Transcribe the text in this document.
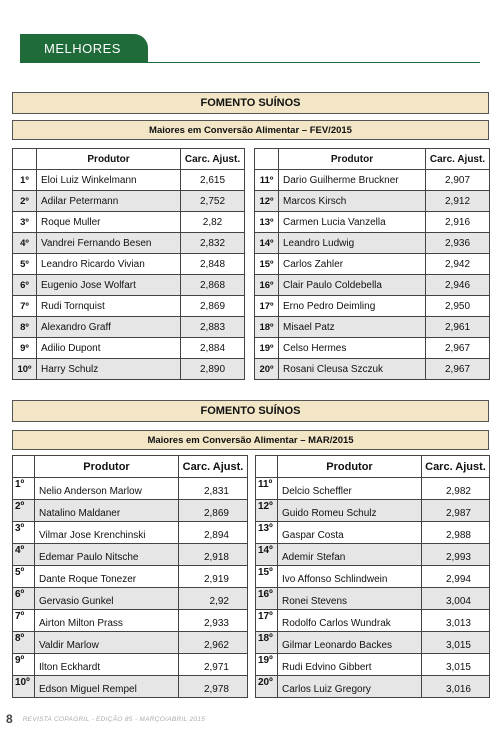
MELHORES
FOMENTO SUÍNOS
Maiores em Conversão Alimentar – FEV/2015
	Produtor	Carc. Ajust.
1º	Eloi Luiz Winkelmann	2,615
2º	Adilar Petermann	2,752
3º	Roque Muller	2,82
4º	Vandrei Fernando Besen	2,832
5º	Leandro Ricardo Vivian	2,848
6º	Eugenio Jose Wolfart	2,868
7º	Rudi Tornquist	2,869
8º	Alexandro Graff	2,883
9º	Adilio Dupont	2,884
10º	Harry Schulz	2,890
	Produtor	Carc. Ajust.
11º	Dario Guilherme Bruckner	2,907
12º	Marcos Kirsch	2,912
13º	Carmen Lucia Vanzella	2,916
14º	Leandro Ludwig	2,936
15º	Carlos Zahler	2,942
16º	Clair Paulo Coldebella	2,946
17º	Erno Pedro Deimling	2,950
18º	Misael Patz	2,961
19º	Celso Hermes	2,967
20º	Rosani Cleusa Szczuk	2,967
FOMENTO SUÍNOS
Maiores em Conversão Alimentar – MAR/2015
	Produtor	Carc. Ajust.
1º	Nelio Anderson Marlow	2,831
2º	Natalino Maldaner	2,869
3º	Vilmar Jose Krenchinski	2,894
4º	Edemar Paulo Nitsche	2,918
5º	Dante Roque Tonezer	2,919
6º	Gervasio Gunkel	2,92
7º	Airton Milton Prass	2,933
8º	Valdir Marlow	2,962
9º	Ilton Eckhardt	2,971
10º	Edson Miguel Rempel	2,978
	Produtor	Carc. Ajust.
11º	Delcio Scheffler	2,982
12º	Guido Romeu Schulz	2,987
13º	Gaspar Costa	2,988
14º	Ademir Stefan	2,993
15º	Ivo Affonso Schlindwein	2,994
16º	Ronei Stevens	3,004
17º	Rodolfo Carlos Wundrak	3,013
18º	Gilmar Leonardo Backes	3,015
19º	Rudi Edvino Gibbert	3,015
20º	Carlos Luiz Gregory	3,016
8 REVISTA COPAGRIL - EDIÇÃO 85 - MARÇO/ABRIL 2015
